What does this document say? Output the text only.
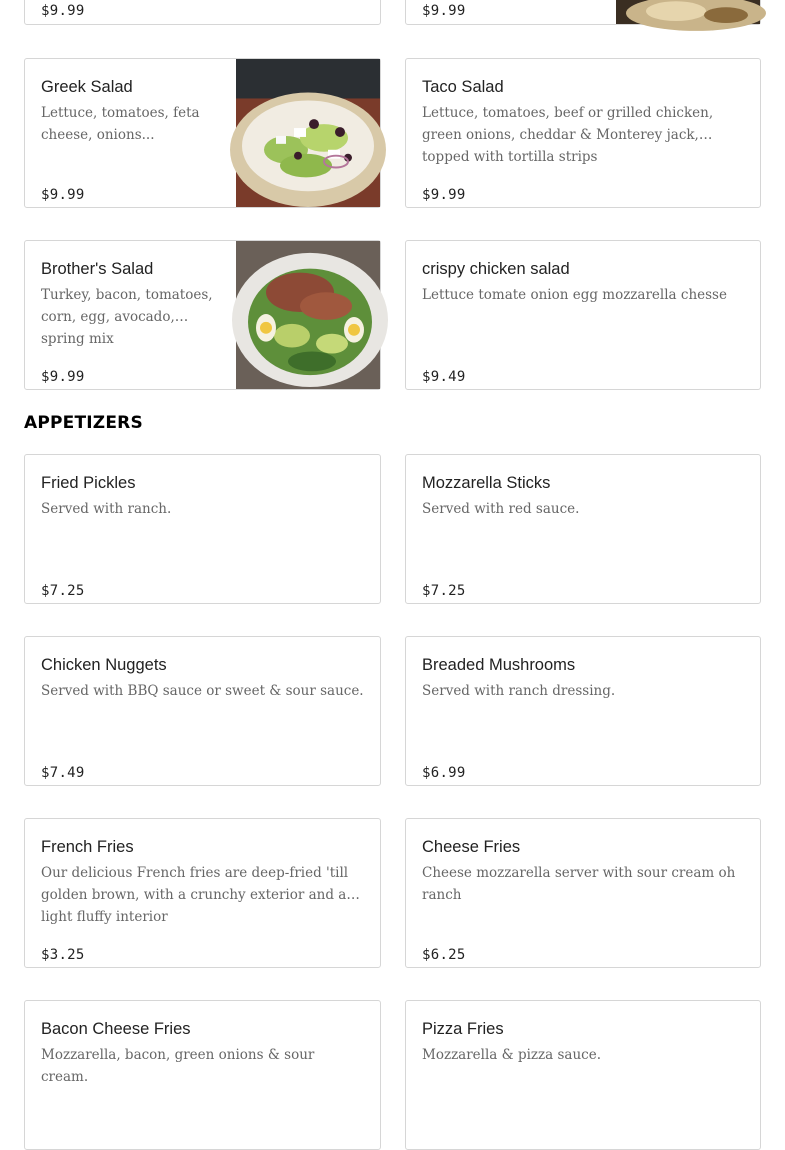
$9.99	$9.99
Greek Salad
Lettuce, tomatoes, feta cheese, onions...
$9.99
Taco Salad
Lettuce, tomatoes, beef or grilled chicken, green onions, cheddar & Monterey jack, topped with tortilla strips
$9.99
Brother's Salad
Turkey, bacon, tomatoes, corn, egg, avocado, spring mix
$9.99
crispy chicken salad
Lettuce tomate onion egg mozzarella chesse
$9.49
APPETIZERS
Fried Pickles
Served with ranch.
$7.25
Mozzarella Sticks
Served with red sauce.
$7.25
Chicken Nuggets
Served with BBQ sauce or sweet & sour sauce.
$7.49
Breaded Mushrooms
Served with ranch dressing.
$6.99
French Fries
Our delicious French fries are deep-fried 'till golden brown, with a crunchy exterior and a light fluffy interior
$3.25
Cheese Fries
Cheese mozzarella server with sour cream oh ranch
$6.25
Bacon Cheese Fries
Mozzarella, bacon, green onions & sour cream.
Pizza Fries
Mozzarella & pizza sauce.
